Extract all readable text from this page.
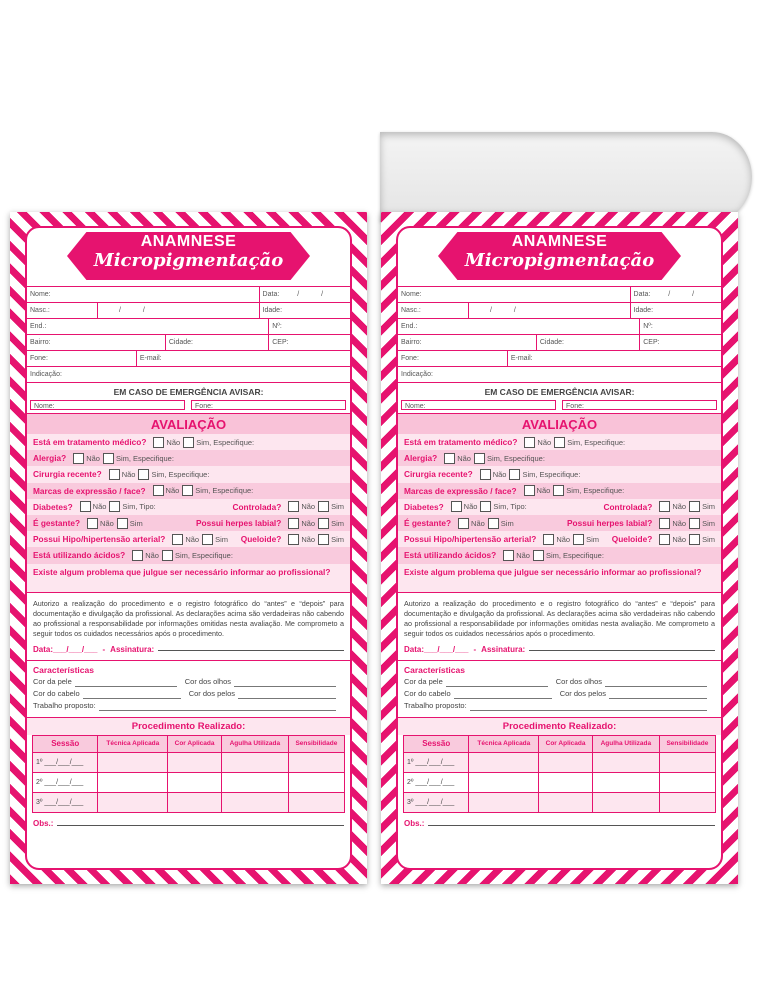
ANAMNESE
Micropigmentação
Nome:	Data:	/ /
Nasc.:	/ /	Idade:
End.:	Nº:
Bairro:	Cidade:	CEP:
Fone:	E-mail:
Indicação:
EM CASO DE EMERGÊNCIA AVISAR:
Nome:	Fone:
AVALIAÇÃO
Está em tratamento médico?	Não Sim, Especifique:
Alergia?	Não Sim, Especifique:
Cirurgia recente?	Não Sim, Especifique:
Marcas de expressão / face?	Não Sim, Especifique:
Diabetes?	Não Sim, Tipo:	Controlada?	Não Sim
É gestante?	Não Sim	Possui herpes labial?	Não Sim
Possui Hipo/hipertensão arterial?	Não Sim Queloide?	Não Sim
Está utilizando ácidos?	Não Sim, Especifique:
Existe algum problema que julgue ser necessário informar ao profissional?
Autorizo a realização do procedimento e o registro fotográfico do “antes” e “depois” para documentação e divulgação da profissional. As declarações acima são verdadeiras não cabendo ao profissional a responsabilidade por informações omitidas nesta avaliação. Me comprometo a seguir todos os cuidados necessários após o procedimento.
Data:___/___/___ - Assinatura:
Características
Cor da pele	Cor dos olhos
Cor do cabelo	Cor dos pelos
Trabalho proposto:
Procedimento Realizado:
Sessão	Técnica Aplicada	Cor Aplicada	Agulha Utilizada	Sensibilidade
1º ___/___/___				
2º ___/___/___				
3º ___/___/___				
Obs.:
ANAMNESE
Micropigmentação
Nome:	Data:	/ /
Nasc.:	/ /	Idade:
End.:	Nº:
Bairro:	Cidade:	CEP:
Fone:	E-mail:
Indicação:
EM CASO DE EMERGÊNCIA AVISAR:
Nome:	Fone:
AVALIAÇÃO
Está em tratamento médico?	Não Sim, Especifique:
Alergia?	Não Sim, Especifique:
Cirurgia recente?	Não Sim, Especifique:
Marcas de expressão / face?	Não Sim, Especifique:
Diabetes?	Não Sim, Tipo:	Controlada?	Não Sim
É gestante?	Não Sim	Possui herpes labial?	Não Sim
Possui Hipo/hipertensão arterial?	Não Sim Queloide?	Não Sim
Está utilizando ácidos?	Não Sim, Especifique:
Existe algum problema que julgue ser necessário informar ao profissional?
Autorizo a realização do procedimento e o registro fotográfico do “antes” e “depois” para documentação e divulgação da profissional. As declarações acima são verdadeiras não cabendo ao profissional a responsabilidade por informações omitidas nesta avaliação. Me comprometo a seguir todos os cuidados necessários após o procedimento.
Data:___/___/___ - Assinatura:
Características
Cor da pele	Cor dos olhos
Cor do cabelo	Cor dos pelos
Trabalho proposto:
Procedimento Realizado:
Sessão	Técnica Aplicada	Cor Aplicada	Agulha Utilizada	Sensibilidade
1º ___/___/___				
2º ___/___/___				
3º ___/___/___				
Obs.:
